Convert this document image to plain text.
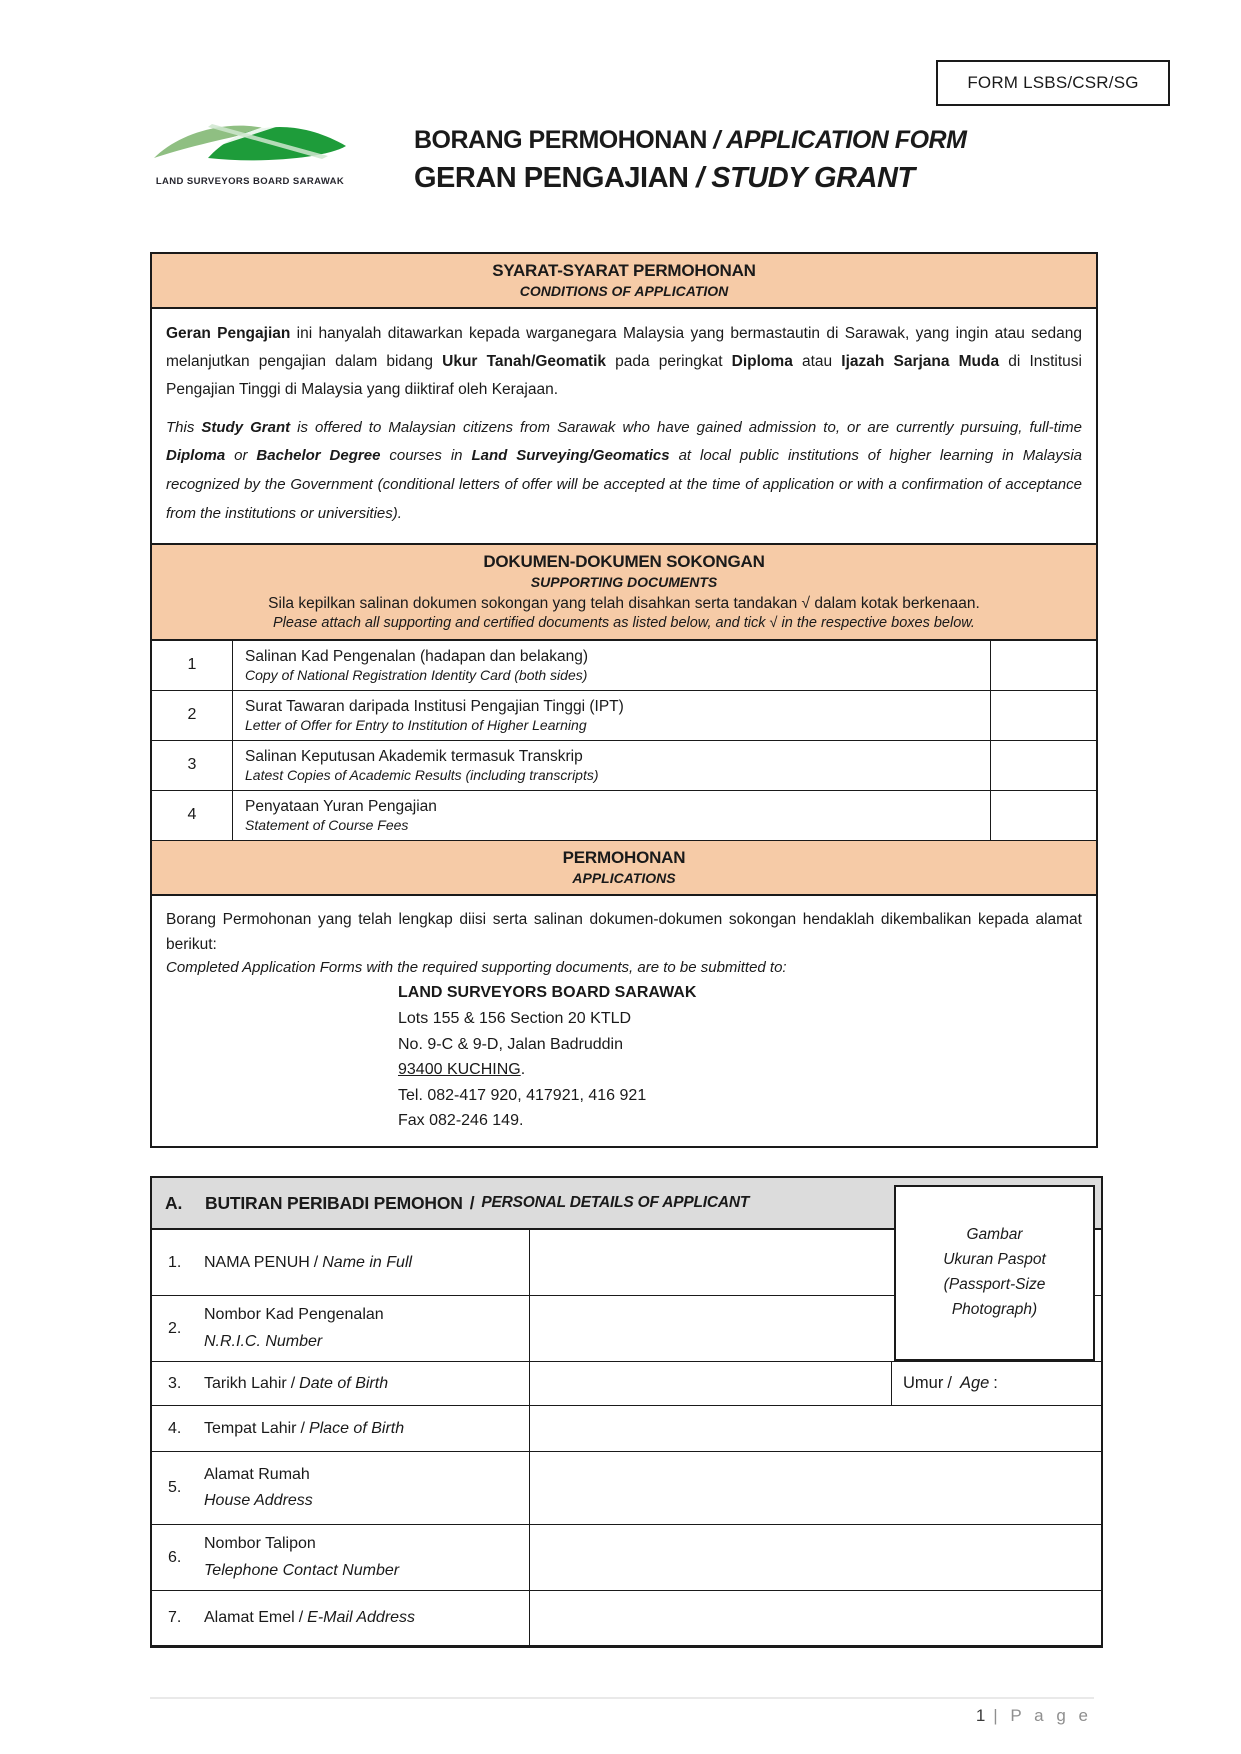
FORM LSBS/CSR/SG
LAND SURVEYORS BOARD SARAWAK
BORANG PERMOHONAN / APPLICATION FORM
GERAN PENGAJIAN / STUDY GRANT
SYARAT-SYARAT PERMOHONAN
CONDITIONS OF APPLICATION

Geran Pengajian ini hanyalah ditawarkan kepada warganegara Malaysia yang bermastautin di Sarawak, yang ingin atau sedang melanjutkan pengajian dalam bidang Ukur Tanah/Geomatik pada peringkat Diploma atau Ijazah Sarjana Muda di Institusi Pengajian Tinggi di Malaysia yang diiktiraf oleh Kerajaan.

This Study Grant is offered to Malaysian citizens from Sarawak who have gained admission to, or are currently pursuing, full-time Diploma or Bachelor Degree courses in Land Surveying/Geomatics at local public institutions of higher learning in Malaysia recognized by the Government (conditional letters of offer will be accepted at the time of application or with a confirmation of acceptance from the institutions or universities).

DOKUMEN-DOKUMEN SOKONGAN
SUPPORTING DOCUMENTS
Sila kepilkan salinan dokumen sokongan yang telah disahkan serta tandakan √ dalam kotak berkenaan.
Please attach all supporting and certified documents as listed below, and tick √ in the respective boxes below.
1	Salinan Kad Pengenalan (hadapan dan belakang)
Copy of National Registration Identity Card (both sides)
2	Surat Tawaran daripada Institusi Pengajian Tinggi (IPT)
Letter of Offer for Entry to Institution of Higher Learning
3	Salinan Keputusan Akademik termasuk Transkrip
Latest Copies of Academic Results (including transcripts)
4	Penyataan Yuran Pengajian
Statement of Course Fees
PERMOHONAN
APPLICATIONS

Borang Permohonan yang telah lengkap diisi serta salinan dokumen-dokumen sokongan hendaklah dikembalikan kepada alamat berikut:

Completed Application Forms with the required supporting documents, are to be submitted to:

LAND SURVEYORS BOARD SARAWAK
Lots 155 & 156 Section 20 KTLD
No. 9-C & 9-D, Jalan Badruddin
93400 KUCHING.
Tel. 082-417 920, 417921, 416 921
Fax 082-246 149.
A.	BUTIRAN PERIBADI PEMOHON / PERSONAL DETAILS OF APPLICANT
1.	NAMA PENUH / Name in Full
2.
Nombor Kad Pengenalan
N.R.I.C. Number
3.	Tarikh Lahir / Date of Birth	Umur / Age :
4.	Tempat Lahir / Place of Birth
5.
Alamat Rumah
House Address
6.
Nombor Talipon
Telephone Contact Number
7.	Alamat Emel / E-Mail Address
Gambar
Ukuran Paspot
(Passport-Size
Photograph)
1 | P a g e
